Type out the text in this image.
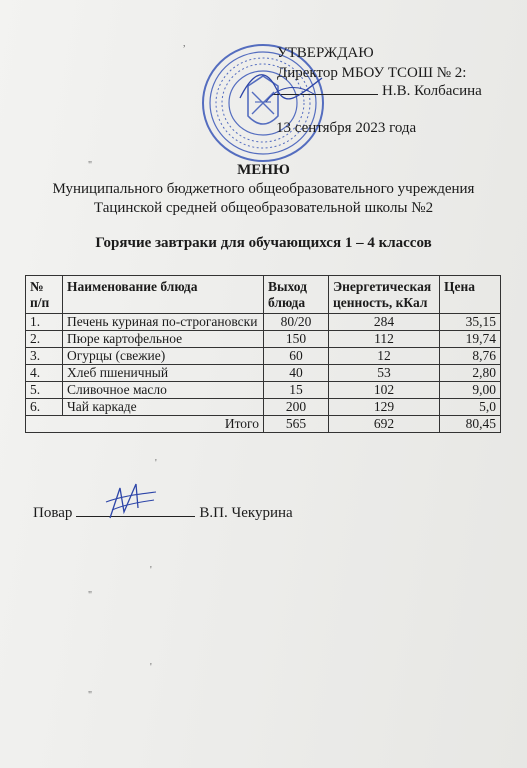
УТВЕРЖДАЮ
Директор МБОУ ТСОШ № 2:
Н.В. Колбасина
13 сентября 2023 года
МЕНЮ
Муниципального бюджетного общеобразовательного учреждения
Тацинской средней общеобразовательной школы №2
Горячие завтраки для обучающихся 1 – 4 классов
№ п/п	Наименование блюда	Выход блюда	Энергетическая ценность, кКал	Цена
1.	Печень куриная по-строгановски	80/20	284	35,15
2.	Пюре картофельное	150	112	19,74
3.	Огурцы (свежие)	60	12	8,76
4.	Хлеб пшеничный	40	53	2,80
5.	Сливочное масло	15	102	9,00
6.	Чай каркаде	200	129	5,0
Итого		565	692	80,45
Повар	В.П. Чекурина
,
"
'
'
"
'
"
